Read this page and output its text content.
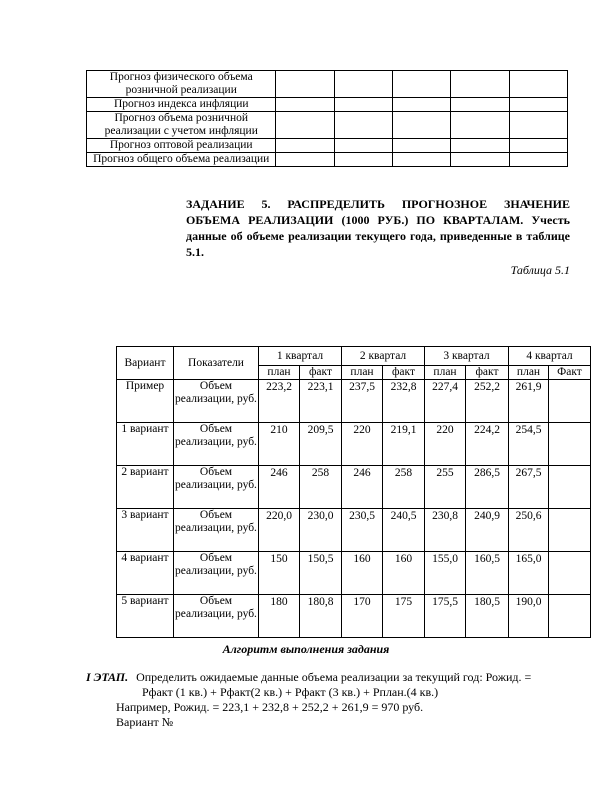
Прогноз физического объема розничной реализации					
Прогноз индекса инфляции					
Прогноз объема розничной реализации с учетом инфляции					
Прогноз оптовой реализации					
Прогноз общего объема реализации					
ЗАДАНИЕ 5. РАСПРЕДЕЛИТЬ ПРОГНОЗНОЕ ЗНАЧЕНИЕ ОБЪЕМА РЕАЛИЗАЦИИ (1000 РУБ.) ПО КВАРТАЛАМ. Учесть данные об объеме реализации текущего года, приведенные в таблице 5.1.
Таблица 5.1
Вариант	Показатели	1 квартал		2 квартал		3 квартал		4 квартал	
		план	факт	план	факт	план	факт	план	Факт
Пример	Объем реализации, руб.	223,2	223,1	237,5	232,8	227,4	252,2	261,9	
1 вариант	Объем реализации, руб.	210	209,5	220	219,1	220	224,2	254,5	
2 вариант	Объем реализации, руб.	246	258	246	258	255	286,5	267,5	
3 вариант	Объем реализации, руб.	220,0	230,0	230,5	240,5	230,8	240,9	250,6	
4 вариант	Объем реализации, руб.	150	150,5	160	160	155,0	160,5	165,0	
5 вариант	Объем реализации, руб.	180	180,8	170	175	175,5	180,5	190,0	
Алгоритм выполнения задания
I ЭТАП. Определить ожидаемые данные объема реализации за текущий год: Рожид. =
Рфакт (1 кв.) + Рфакт(2 кв.) + Рфакт (3 кв.) + Рплан.(4 кв.)
Например, Рожид. = 223,1 + 232,8 + 252,2 + 261,9 = 970 руб.
Вариант №
